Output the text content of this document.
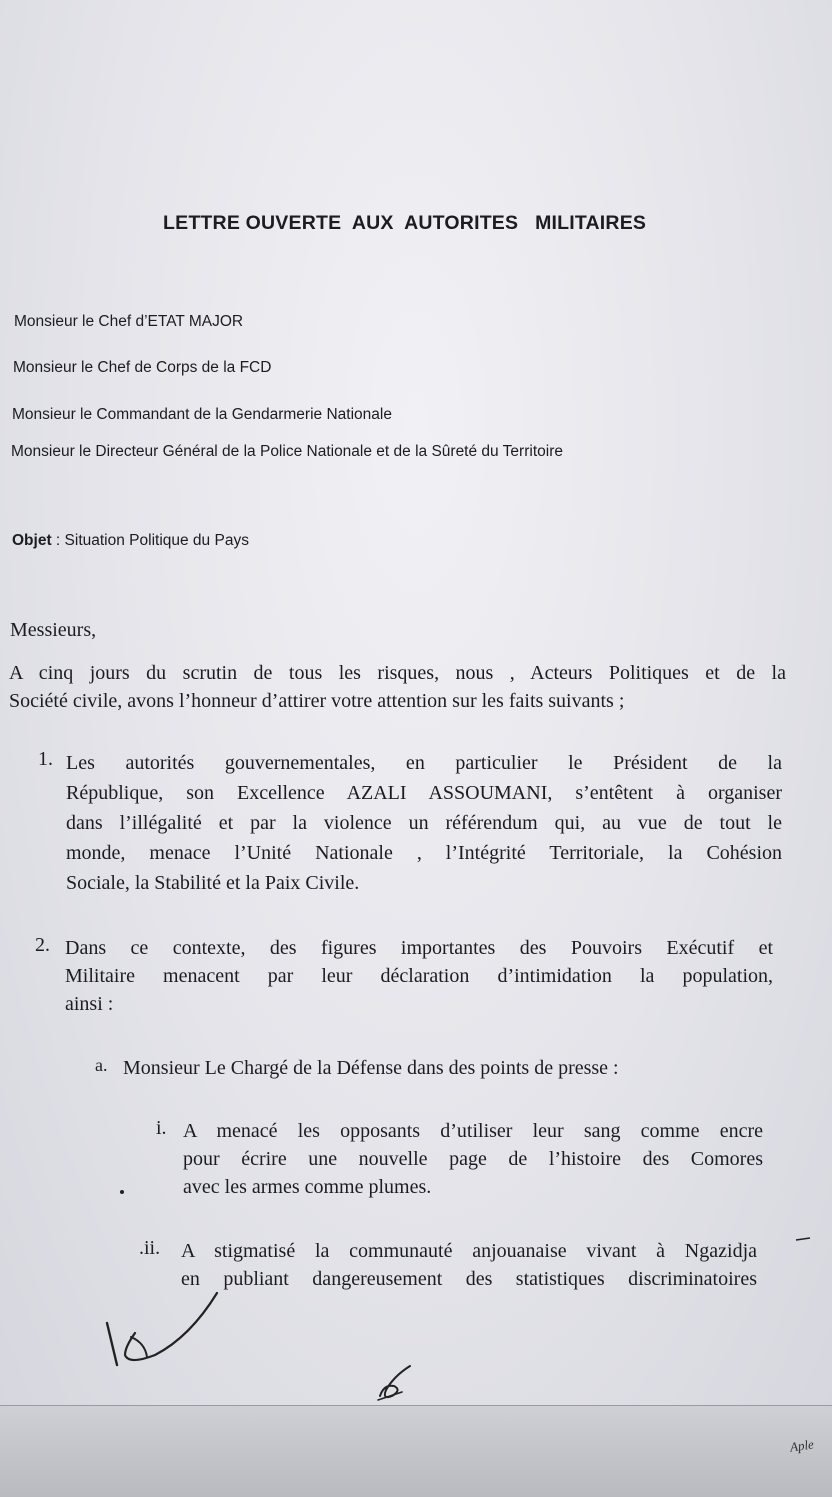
LETTRE OUVERTE  AUX  AUTORITES   MILITAIRES
Monsieur le Chef d’ETAT MAJOR
Monsieur le Chef de Corps de la FCD
Monsieur le Commandant de la Gendarmerie Nationale
Monsieur le Directeur Général de la Police Nationale et de la Sûreté du Territoire
Objet : Situation Politique du Pays
Messieurs,
A cinq jours du scrutin de tous les risques, nous , Acteurs Politiques et de la
Société civile, avons l’honneur d’attirer votre attention sur les faits suivants ;
1. Les autorités gouvernementales, en particulier le Président de la
République, son Excellence AZALI ASSOUMANI, s’entêtent à organiser
dans l’illégalité et par la violence un référendum qui, au vue de tout le
monde, menace l’Unité Nationale , l’Intégrité Territoriale, la Cohésion
Sociale, la Stabilité et la Paix Civile.
2. Dans ce contexte, des figures importantes des Pouvoirs Exécutif et
Militaire menacent par leur déclaration d’intimidation la population,
ainsi :
a. Monsieur Le Chargé de la Défense dans des points de presse :
i. A menacé les opposants d’utiliser leur sang comme encre
pour écrire une nouvelle page de l’histoire des Comores
avec les armes comme plumes.
.ii. A stigmatisé la communauté anjouanaise vivant à Ngazidja
en publiant dangereusement des statistiques discriminatoires
Aple
